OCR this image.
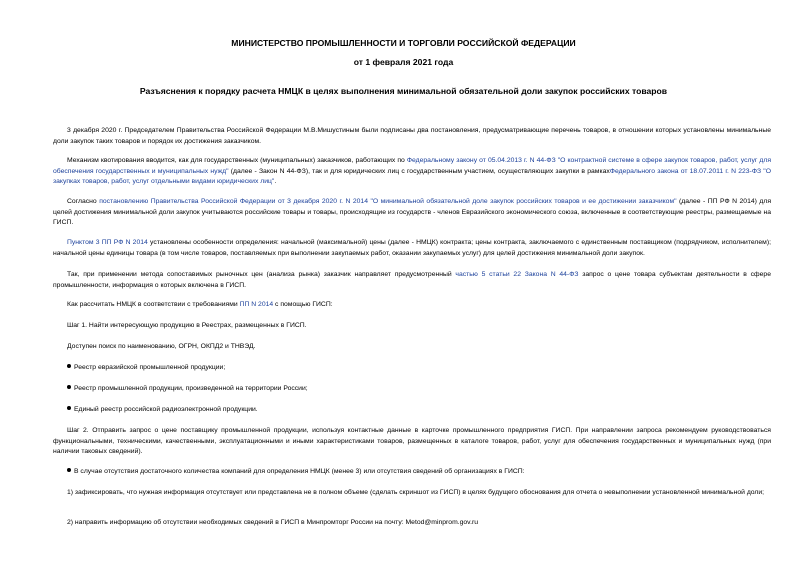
МИНИСТЕРСТВО ПРОМЫШЛЕННОСТИ И ТОРГОВЛИ РОССИЙСКОЙ ФЕДЕРАЦИИ
от 1 февраля 2021 года
Разъяснения к порядку расчета НМЦК в целях выполнения минимальной обязательной доли закупок российских товаров

3 декабря 2020 г. Председателем Правительства Российской Федерации М.В.Мишустиным были подписаны два постановления, предусматривающие перечень товаров, в отношении которых установлены минимальные доли закупок таких товаров и порядок их достижения заказчиком.

Механизм квотирования вводится, как для государственных (муниципальных) заказчиков, работающих по Федеральному закону от 05.04.2013 г. N 44-ФЗ "О контрактной системе в сфере закупок товаров, работ, услуг для обеспечения государственных и муниципальных нужд" (далее - Закон N 44-ФЗ), так и для юридических лиц с государственным участием, осуществляющих закупки в рамкахФедерального закона от 18.07.2011 г. N 223-ФЗ "О закупках товаров, работ, услуг отдельными видами юридических лиц".

Согласно постановлению Правительства Российской Федерации от 3 декабря 2020 г. N 2014 "О минимальной обязательной доле закупок российских товаров и ее достижении заказчиком" (далее - ПП РФ N 2014) для целей достижения минимальной доли закупок учитываются российские товары и товары, происходящие из государств - членов Евразийского экономического союза, включенные в соответствующие реестры, размещаемые на ГИСП.

Пунктом 3 ПП РФ N 2014 установлены особенности определения: начальной (максимальной) цены (далее - НМЦК) контракта; цены контракта, заключаемого с единственным поставщиком (подрядчиком, исполнителем); начальной цены единицы товара (в том числе товаров, поставляемых при выполнении закупаемых работ, оказании закупаемых услуг) для целей достижения минимальной доли закупок.

Так, при применении метода сопоставимых рыночных цен (анализа рынка) заказчик направляет предусмотренный частью 5 статьи 22 Закона N 44-ФЗ запрос о цене товара субъектам деятельности в сфере промышленности, информация о которых включена в ГИСП.

Как рассчитать НМЦК в соответствии с требованиями ПП N 2014 с помощью ГИСП:

Шаг 1. Найти интересующую продукцию в Реестрах, размещенных в ГИСП.

Доступен поиск по наименованию, ОГРН, ОКПД2 и ТНВЭД.

Реестр евразийской промышленной продукции;

Реестр промышленной продукции, произведенной на территории России;

Единый реестр российской радиоэлектронной продукции.

Шаг 2. Отправить запрос о цене поставщику промышленной продукции, используя контактные данные в карточке промышленного предприятия ГИСП. При направлении запроса рекомендуем руководствоваться функциональными, техническими, качественными, эксплуатационными и иными характеристиками товаров, размещенных в каталоге товаров, работ, услуг для обеспечения государственных и муниципальных нужд (при наличии таковых сведений).

В случае отсутствия достаточного количества компаний для определения НМЦК (менее 3) или отсутствия сведений об организациях в ГИСП:

1) зафиксировать, что нужная информация отсутствует или представлена не в полном объеме (сделать скриншот из ГИСП) в целях будущего обоснования для отчета о невыполнении установленной минимальной доли;

2) направить информацию об отсутствии необходимых сведений в ГИСП в Минпромторг России на почту: Metod@minprom.gov.ru
